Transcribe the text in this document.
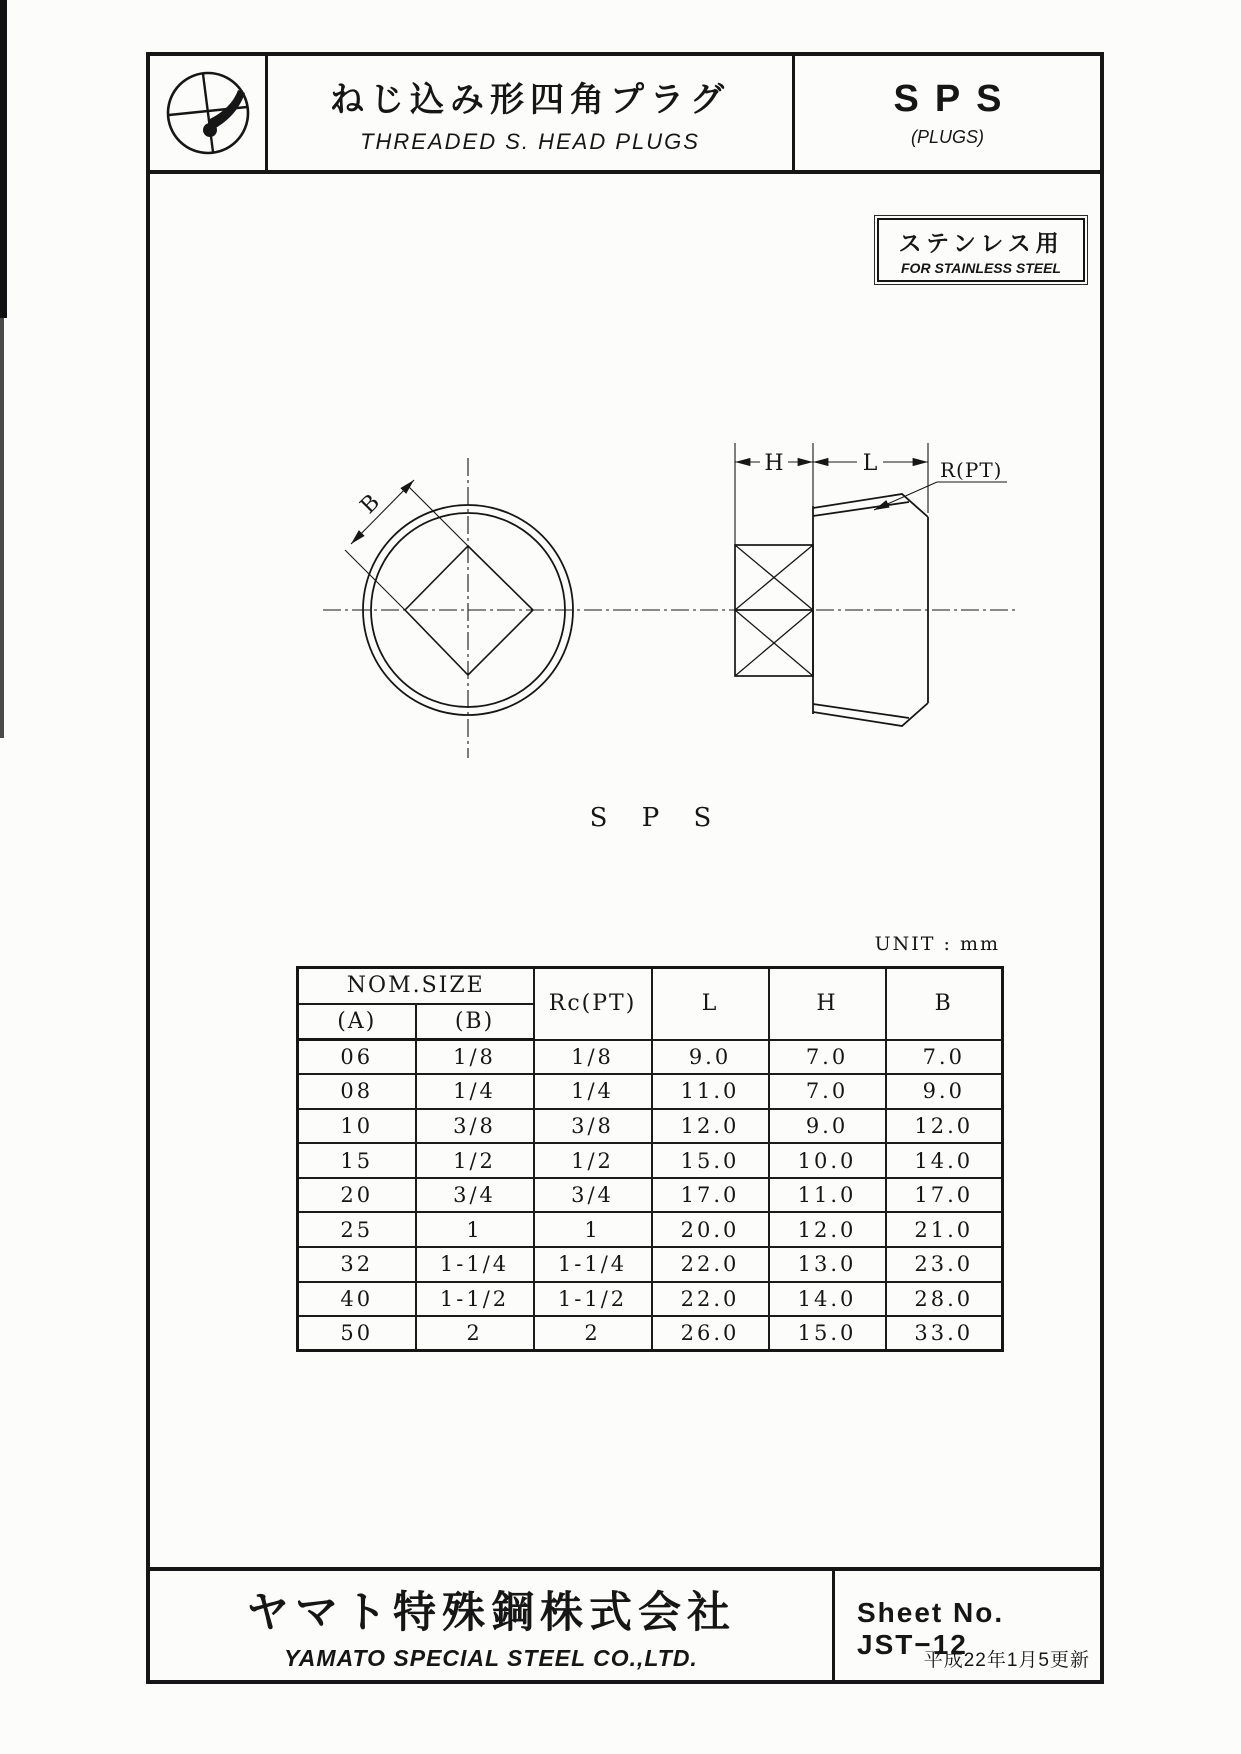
ねじ込み形四角プラグ
THREADED S. HEAD PLUGS
SPS
(PLUGS)
ステンレス用
FOR STAINLESS STEEL
B
H	L	R(PT)
S P S
UNIT : mm
NOM.SIZE		Rc(PT)	L	H	B
(A)	(B)				
06	1/8	1/8	9.0	7.0	7.0
08	1/4	1/4	11.0	7.0	9.0
10	3/8	3/8	12.0	9.0	12.0
15	1/2	1/2	15.0	10.0	14.0
20	3/4	3/4	17.0	11.0	17.0
25	1	1	20.0	12.0	21.0
32	1-1/4	1-1/4	22.0	13.0	23.0
40	1-1/2	1-1/2	22.0	14.0	28.0
50	2	2	26.0	15.0	33.0
ヤマト特殊鋼株式会社
YAMATO SPECIAL STEEL CO.,LTD.
Sheet No. JST−12
平成22年1月5更新
